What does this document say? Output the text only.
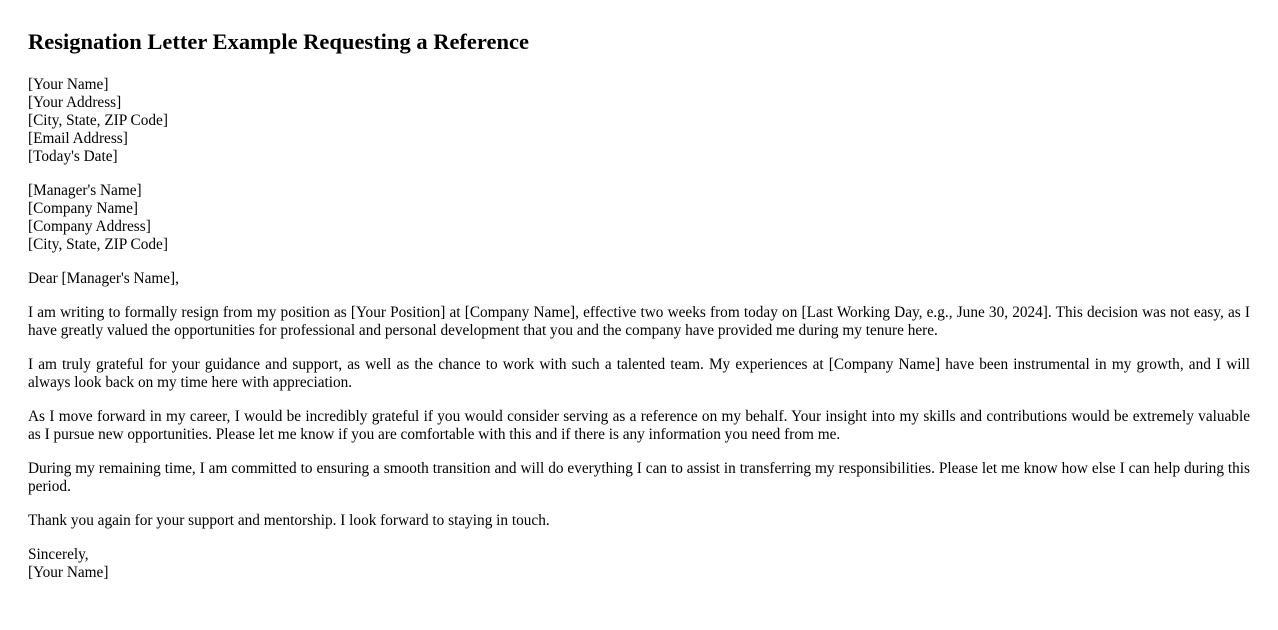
Resignation Letter Example Requesting a Reference
[Your Name]
[Your Address]
[City, State, ZIP Code]
[Email Address]
[Today's Date]
[Manager's Name]
[Company Name]
[Company Address]
[City, State, ZIP Code]

Dear [Manager's Name],

I am writing to formally resign from my position as [Your Position] at [Company Name], effective two weeks from today on [Last Working Day, e.g., June 30, 2024]. This decision was not easy, as I have greatly valued the opportunities for professional and personal development that you and the company have provided me during my tenure here.

I am truly grateful for your guidance and support, as well as the chance to work with such a talented team. My experiences at [Company Name] have been instrumental in my growth, and I will always look back on my time here with appreciation.

As I move forward in my career, I would be incredibly grateful if you would consider serving as a reference on my behalf. Your insight into my skills and contributions would be extremely valuable as I pursue new opportunities. Please let me know if you are comfortable with this and if there is any information you need from me.

During my remaining time, I am committed to ensuring a smooth transition and will do everything I can to assist in transferring my responsibilities. Please let me know how else I can help during this period.

Thank you again for your support and mentorship. I look forward to staying in touch.

Sincerely,
[Your Name]
